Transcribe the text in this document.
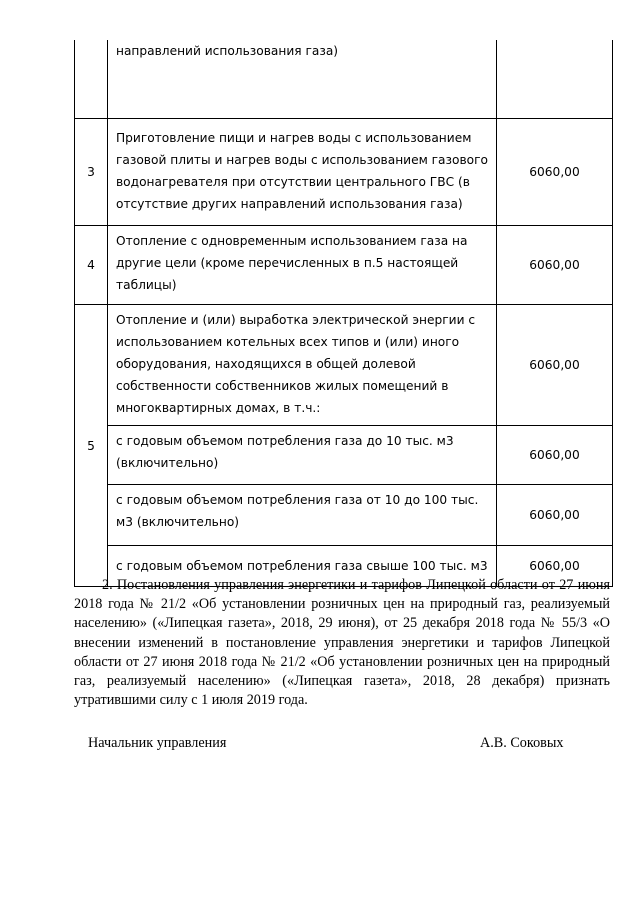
	направлений использования газа)	
3	Приготовление пищи и нагрев воды с использованием газовой плиты и нагрев воды с использованием газового водонагревателя при отсутствии центрального ГВС (в отсутствие других направлений использования газа)	6060,00
4	Отопление с одновременным использованием газа на другие цели (кроме перечисленных в п.5 настоящей таблицы)	6060,00
5	Отопление и (или) выработка электрической энергии с использованием котельных всех типов и (или) иного оборудования, находящихся в общей долевой собственности собственников жилых помещений в многоквартирных домах, в т.ч.:	6060,00
	с годовым объемом потребления газа до 10 тыс. м3 (включительно)	6060,00
	с годовым объемом потребления газа от 10 до 100 тыс. м3 (включительно)	6060,00
	с годовым объемом потребления газа свыше 100 тыс. м3	6060,00

2. Постановления управления энергетики и тарифов Липецкой области от 27 июня 2018 года № 21/2 «Об установлении розничных цен на природный газ, реализуемый населению» («Липецкая газета», 2018, 29 июня), от 25 декабря 2018 года № 55/3 «О внесении изменений в постановление управления энергетики и тарифов Липецкой области от 27 июня 2018 года № 21/2 «Об установлении розничных цен на природный газ, реализуемый населению» («Липецкая газета», 2018, 28 декабря) признать утратившими силу с 1 июля 2019 года.

Начальник управления	А.В. Соковых
